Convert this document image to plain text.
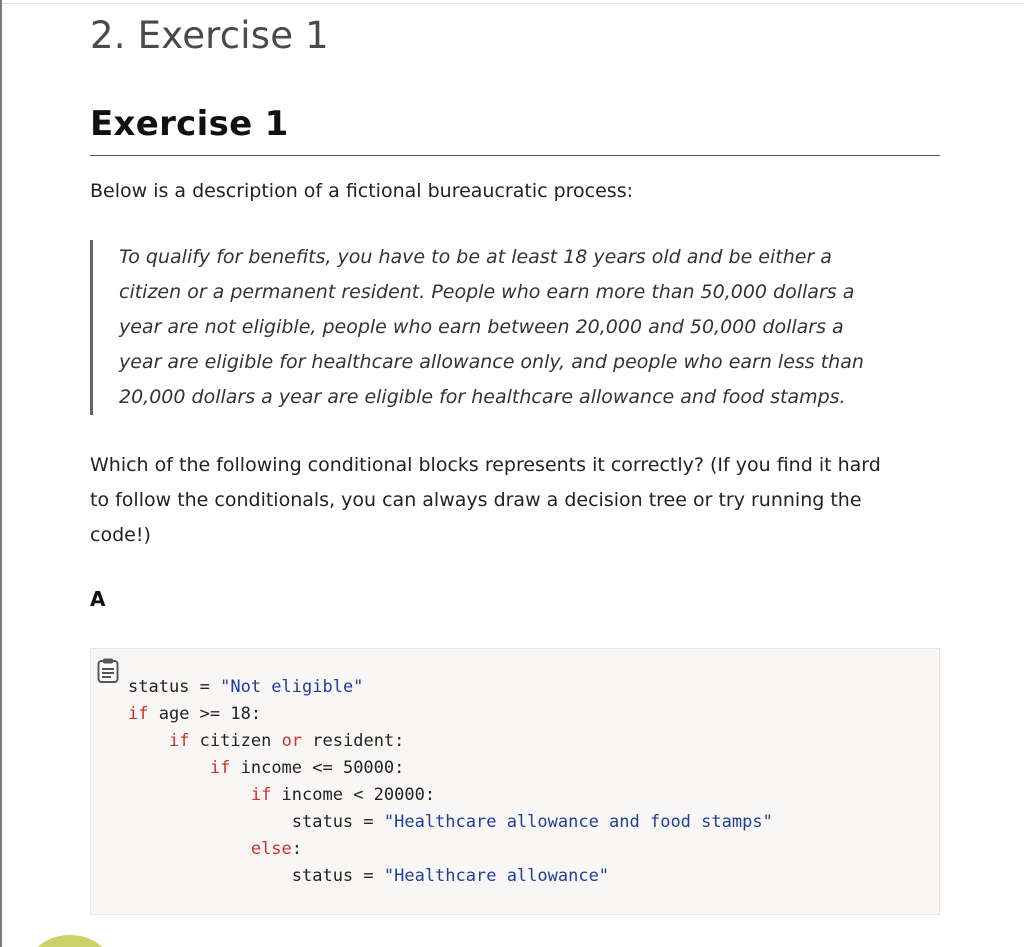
2. Exercise 1
Exercise 1

Below is a description of a fictional bureaucratic process:

To qualify for benefits, you have to be at least 18 years old and be either a
citizen or a permanent resident. People who earn more than 50,000 dollars a
year are not eligible, people who earn between 20,000 and 50,000 dollars a
year are eligible for healthcare allowance only, and people who earn less than
20,000 dollars a year are eligible for healthcare allowance and food stamps.
Which of the following conditional blocks represents it correctly? (If you find it hard
to follow the conditionals, you can always draw a decision tree or try running the
code!)
A
status = "Not eligible"
if age >= 18:
if citizen or resident:
if income <= 50000:
if income < 20000:
status = "Healthcare allowance and food stamps"
else:
status = "Healthcare allowance"
